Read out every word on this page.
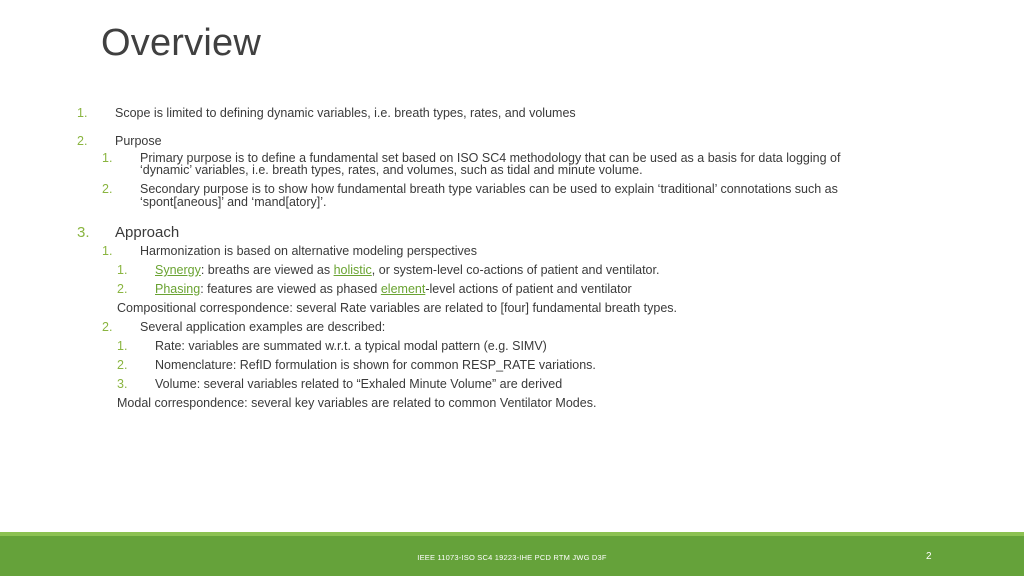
Overview
1. Scope is limited to defining dynamic variables, i.e. breath types, rates, and volumes
2. Purpose
1. Primary purpose is to define a fundamental set based on ISO SC4 methodology that can be used as a basis for data logging of
‘dynamic’ variables, i.e. breath types, rates, and volumes, such as tidal and minute volume.
2. Secondary purpose is to show how fundamental breath type variables can be used to explain ‘traditional’ connotations such as
‘spont[aneous]’ and ‘mand[atory]’.
3. Approach
1. Harmonization is based on alternative modeling perspectives
1. Synergy: breaths are viewed as holistic, or system-level co-actions of patient and ventilator.
2. Phasing: features are viewed as phased element-level actions of patient and ventilator
Compositional correspondence: several Rate variables are related to [four] fundamental breath types.
2. Several application examples are described:
1. Rate: variables are summated w.r.t. a typical modal pattern (e.g. SIMV)
2. Nomenclature: RefID formulation is shown for common RESP_RATE variations.
3. Volume: several variables related to “Exhaled Minute Volume” are derived
Modal correspondence: several key variables are related to common Ventilator Modes.
IEEE 11073-ISO SC4 19223-IHE PCD RTM JWG D3F	2
